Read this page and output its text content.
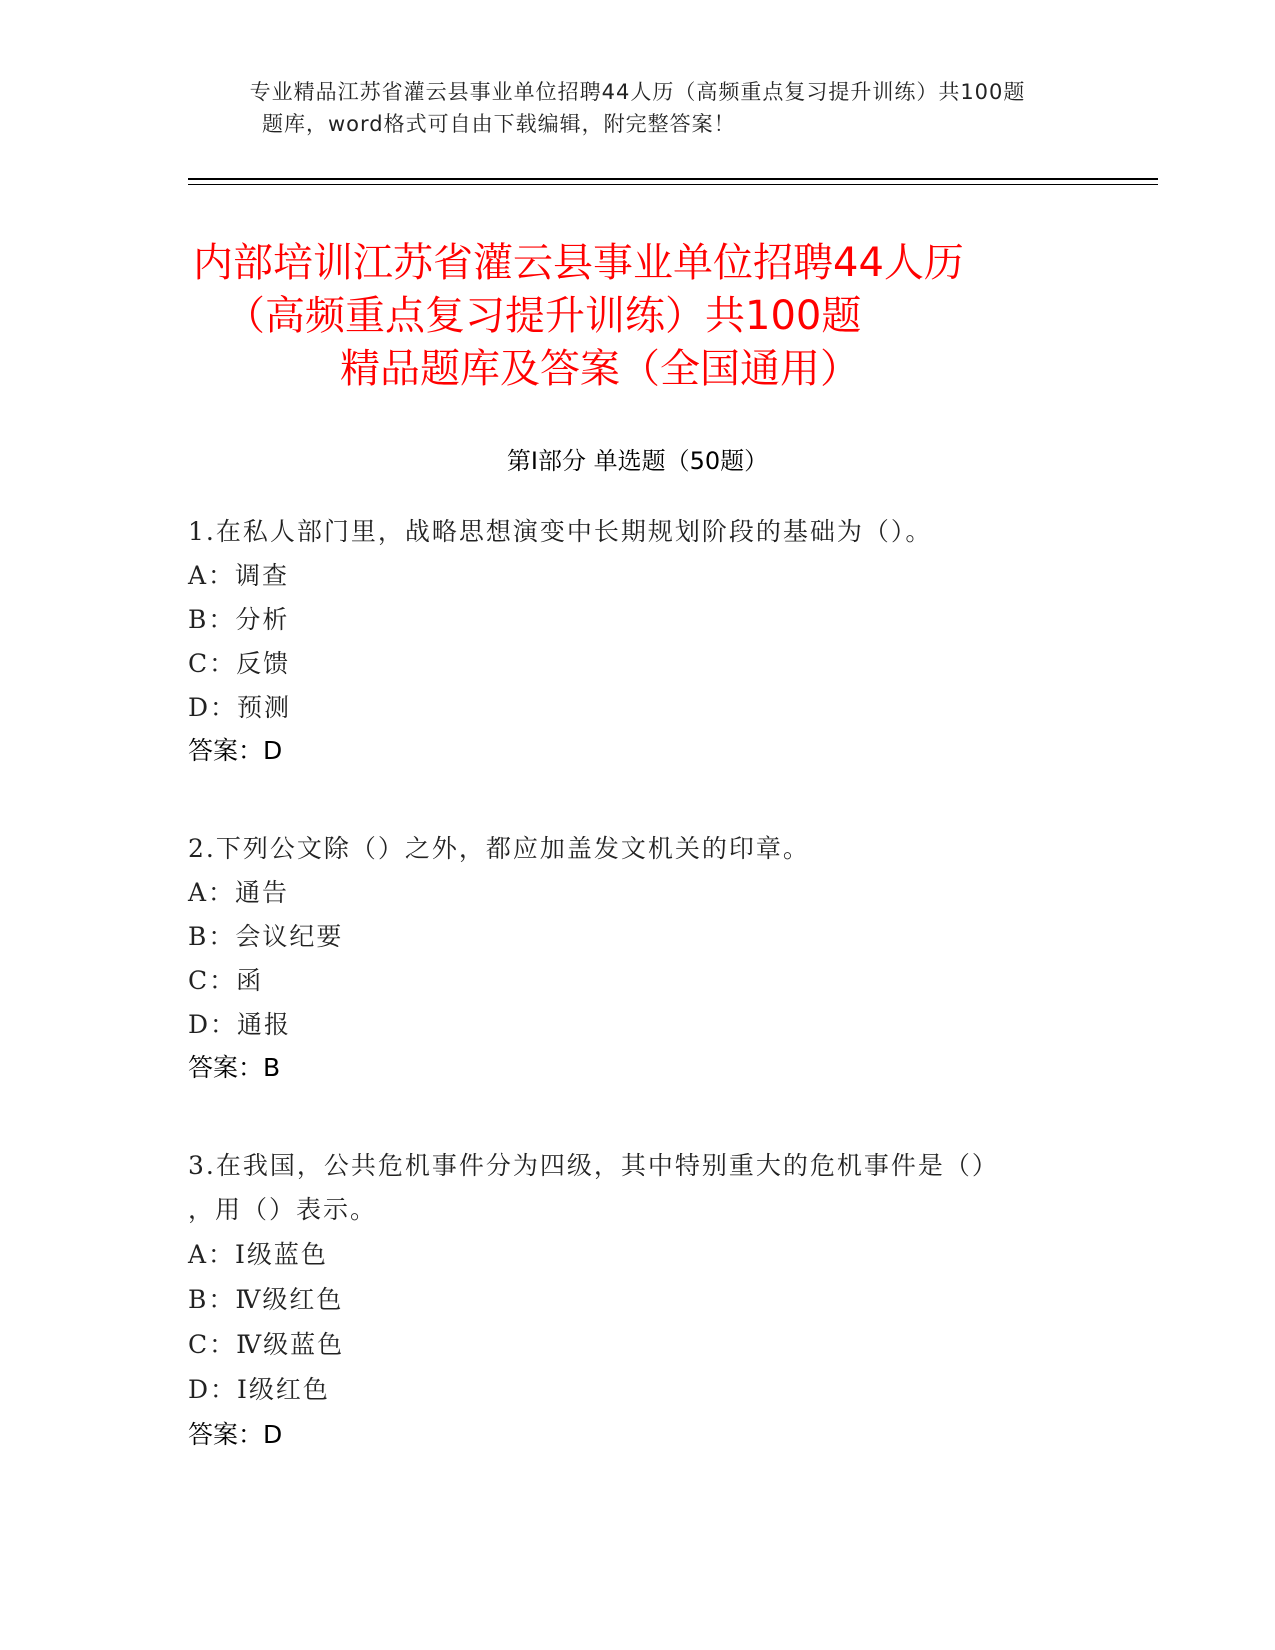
专业精品江苏省灌云县事业单位招聘44人历（高频重点复习提升训练）共100题
题库，word格式可自由下载编辑，附完整答案！
内部培训江苏省灌云县事业单位招聘44人历
（高频重点复习提升训练）共100题
精品题库及答案（全国通用）
第Ⅰ部分 单选题（50题）
1.在私人部门里，战略思想演变中长期规划阶段的基础为（）。
A：调查
B：分析
C：反馈
D：预测
答案：D
2.下列公文除（）之外，都应加盖发文机关的印章。
A：通告
B：会议纪要
C：函
D：通报
答案：B
3.在我国，公共危机事件分为四级，其中特别重大的危机事件是（）
，用（）表示。
A：Ⅰ级蓝色
B：Ⅳ级红色
C：Ⅳ级蓝色
D：Ⅰ级红色
答案：D
